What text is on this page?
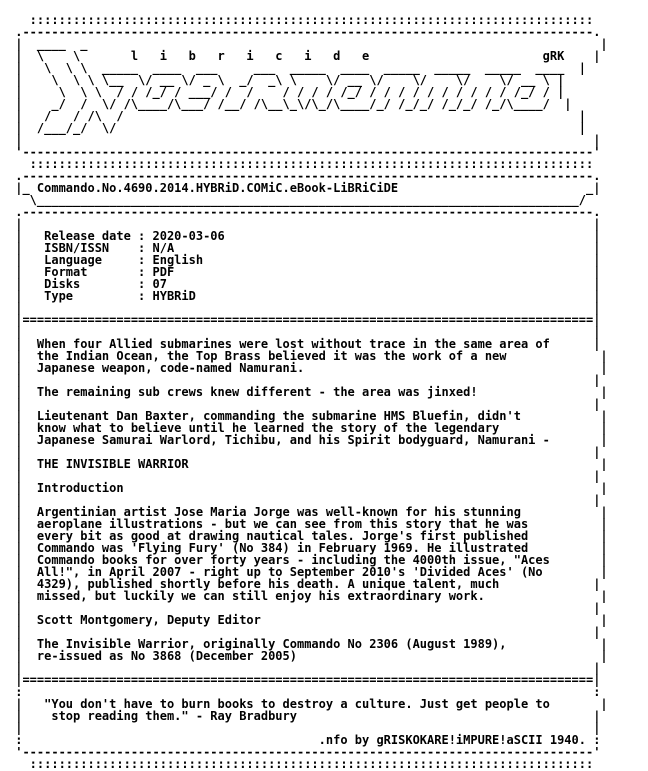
::::::::::::::::::::::::::::::::::::::::::::::::::::::::::::::::::::::::::::::
.-------------------------------------------------------------------------------.
|  ____  _                                                                       |
|  \    \       l   i   b   r   i   c   i   d   e                        gRK    |
|   \  \ \  _____  ____  ___     ___  _____  ____  _____  _____  _____  ____  |
|    \  \ \ \__  \/ __ \/ _ \  _/  _\ \    \/ __ \/    \/    \/    \/ __ \ |
|     \  \ \  / / /_/ / ___/ /  /    / / / / /_/ / / / / / / / / / / /_/ / |
|    _/  /  \/ /\____/\___/ /__/ /\__\_\/\_/\____/_/ /_/_/ /_/_/ /_/\____/  |
|   /   / /\  /                                                               |
|  /___/_/  \/                                                                |
|                                                                               |
'-------------------------------------------------------------------------------'
::::::::::::::::::::::::::::::::::::::::::::::::::::::::::::::::::::::::::::::
.-------------------------------------------------------------------------------.
|_ Commando.No.4690.2014.HYBRiD.COMiC.eBook-LiBRiCiDE                          _|
\___________________________________________________________________________/
.-------------------------------------------------------------------------------.
|                                                                               |
|   Release date : 2020-03-06                                                   |
|   ISBN/ISSN    : N/A                                                          |
|   Language     : English                                                      |
|   Format       : PDF                                                          |
|   Disks        : 07                                                           |
|   Type         : HYBRiD                                                       |
|                                                                               |
|===============================================================================|
|                                                                               |
|  When four Allied submarines were lost without trace in the same area of      |
|  the Indian Ocean, the Top Brass believed it was the work of a new             |
|  Japanese weapon, code-named Namurani.                                         |
|                                                                               |
|  The remaining sub crews knew different - the area was jinxed!                 |
|                                                                               |
|  Lieutenant Dan Baxter, commanding the submarine HMS Bluefin, didn't           |
|  know what to believe until he learned the story of the legendary              |
|  Japanese Samurai Warlord, Tichibu, and his Spirit bodyguard, Namurani -       |
|                                                                               |
|  THE INVISIBLE WARRIOR                                                         |
|                                                                               |
|  Introduction                                                                  |
|                                                                               |
|  Argentinian artist Jose Maria Jorge was well-known for his stunning           |
|  aeroplane illustrations - but we can see from this story that he was          |
|  every bit as good at drawing nautical tales. Jorge's first published          |
|  Commando was 'Flying Fury' (No 384) in February 1969. He illustrated          |
|  Commando books for over forty years - including the 4000th issue, "Aces       |
|  All!", in April 2007 - right up to September 2010's 'Divided Aces' (No        |
|  4329), published shortly before his death. A unique talent, much             |
|  missed, but luckily we can still enjoy his extraordinary work.                |
|                                                                               |
|  Scott Montgomery, Deputy Editor                                               |
|                                                                               |
|  The Invisible Warrior, originally Commando No 2306 (August 1989),             |
|  re-issued as No 3868 (December 2005)                                          |
|                                                                               |
|===============================================================================|
:                                                                               :
|   "You don't have to burn books to destroy a culture. Just get people to       |
|    stop reading them." - Ray Bradbury                                         |
|                                                                               |
:                                         .nfo by gRISKOKARE!iMPURE!aSCII 1940. :
'-------------------------------------------------------------------------------'
::::::::::::::::::::::::::::::::::::::::::::::::::::::::::::::::::::::::::::::
